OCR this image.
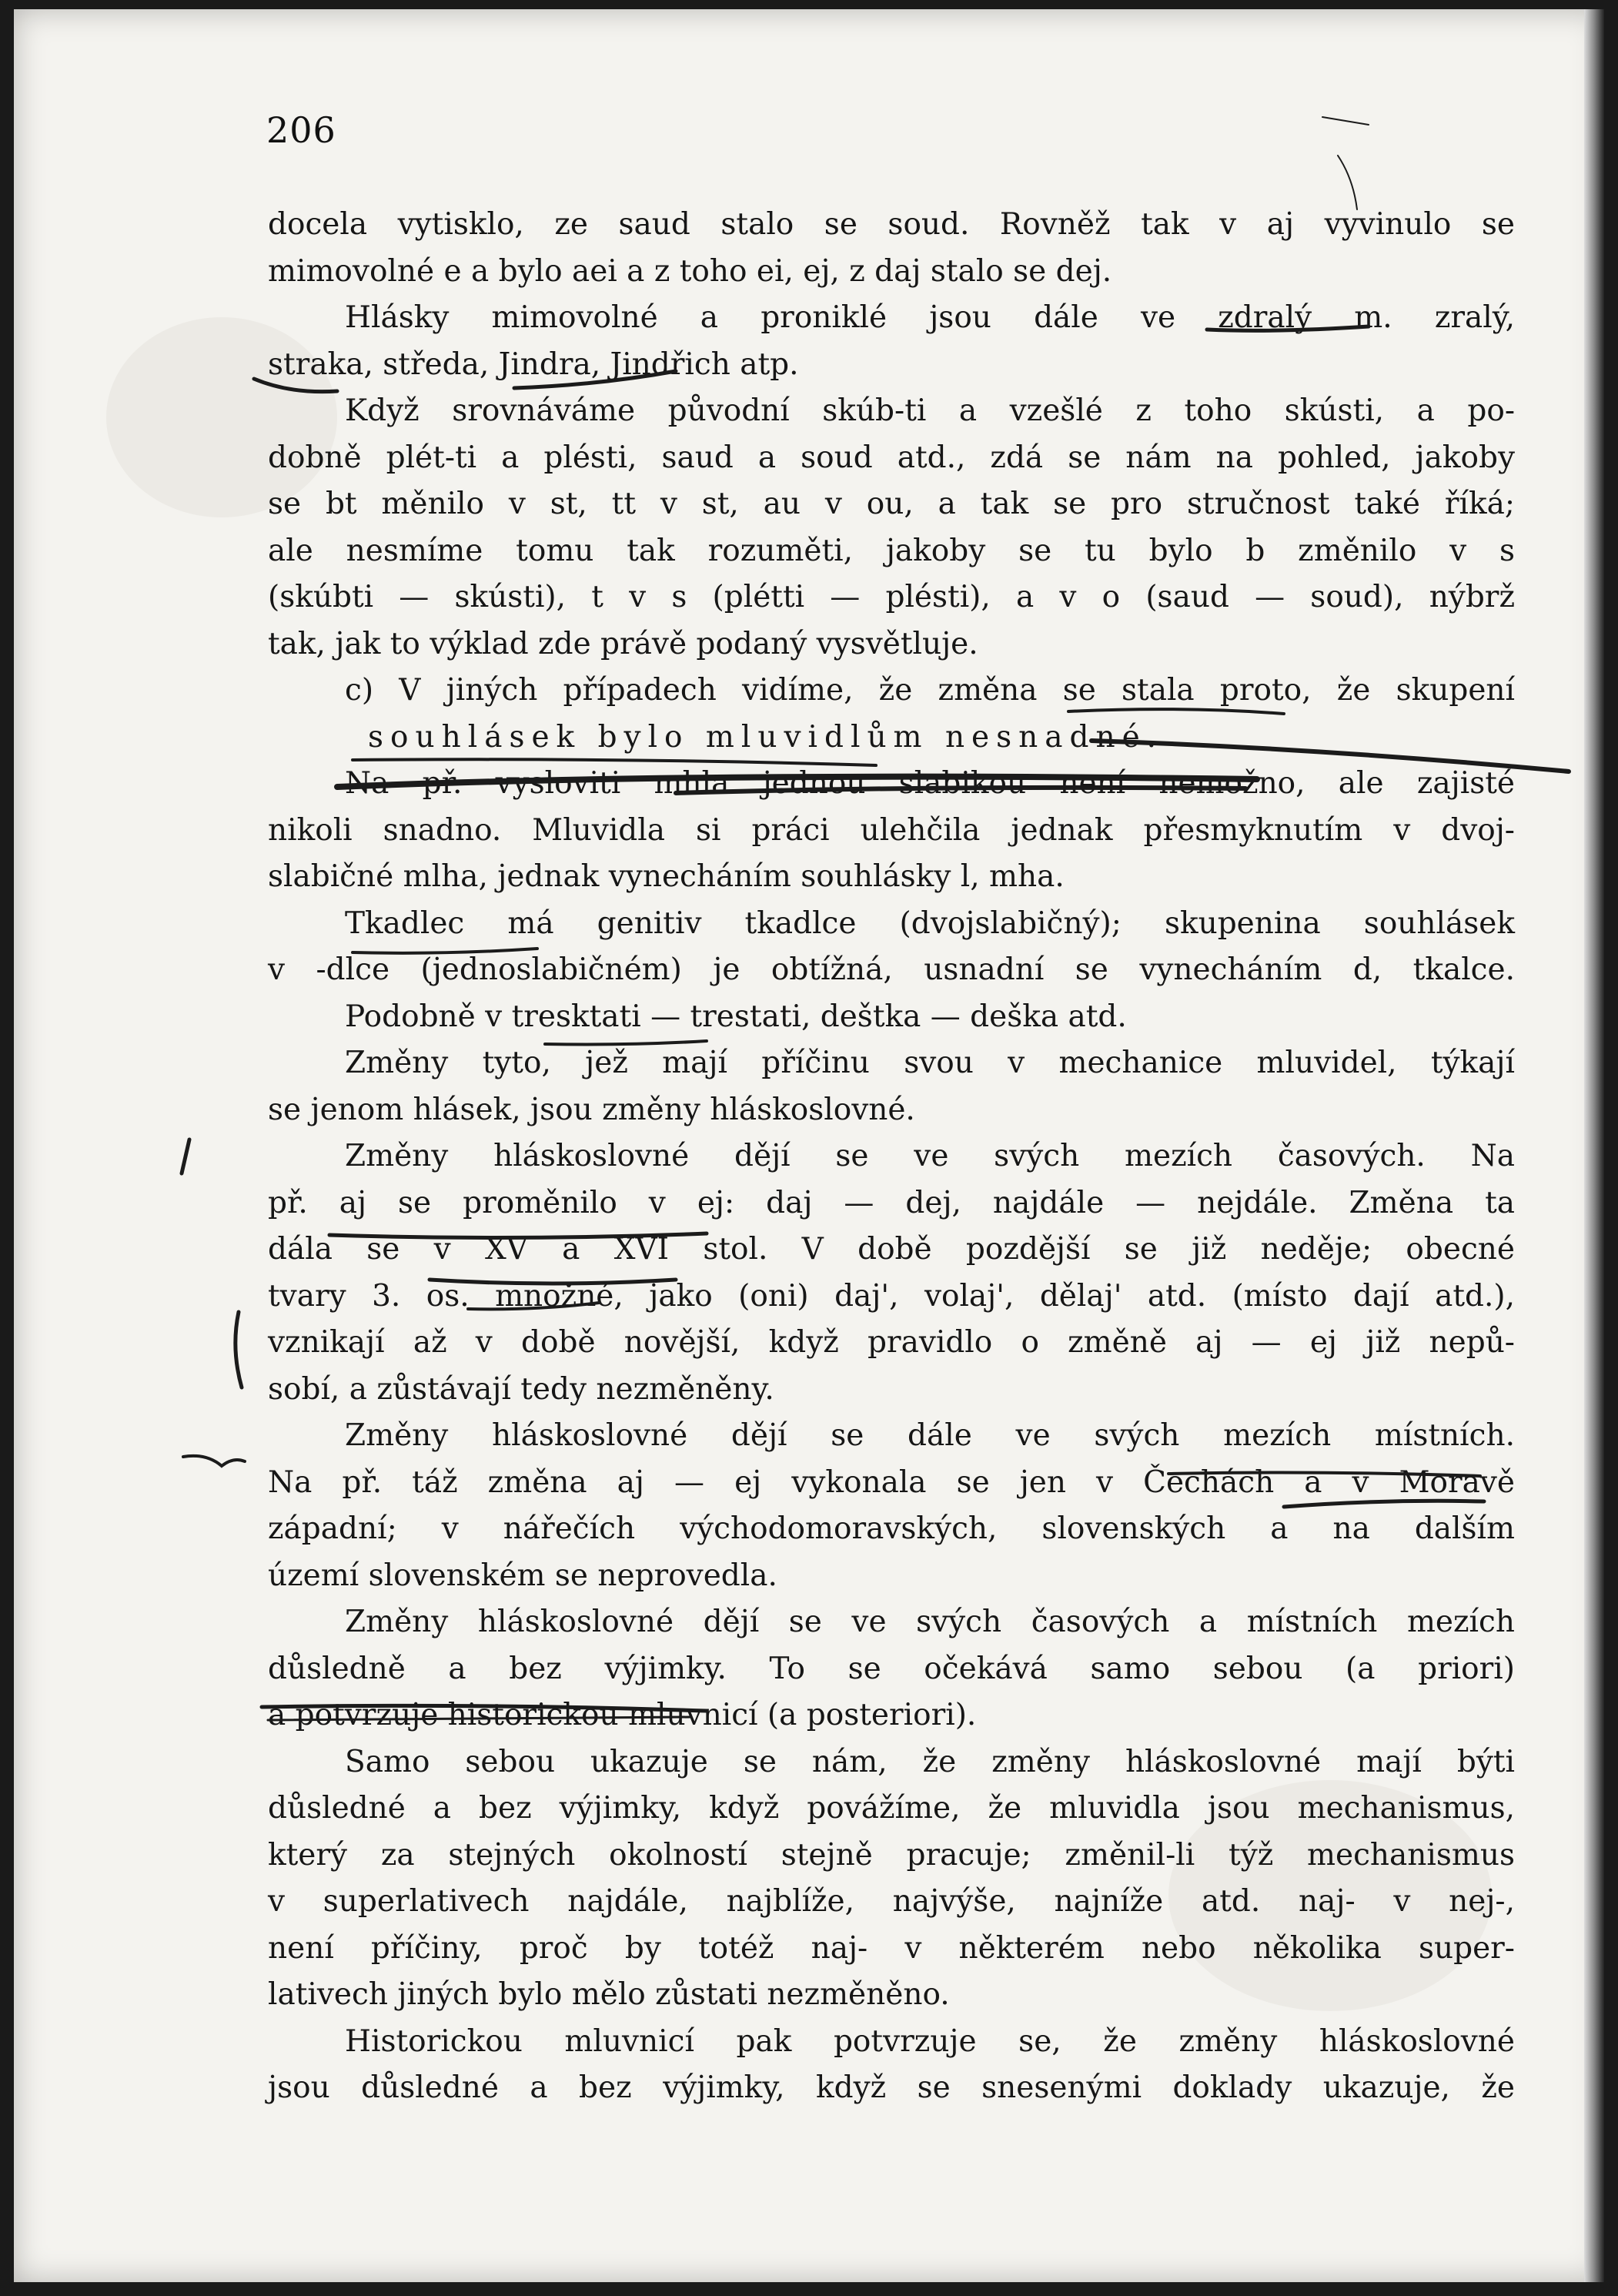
206
docela vytisklo, ze saud stalo se soud. Rovněž tak v aj vyvinulo se
mimovolné e a bylo aei a z toho ei, ej, z daj stalo se dej.
Hlásky mimovolné a proniklé jsou dále ve zdralý m. zralý,
straka, středa, Jindra, Jindřich atp.
Když srovnáváme původní skúb-ti a vzešlé z toho skústi, a po-
dobně plét-ti a plésti, saud a soud atd., zdá se nám na pohled, jakoby
se bt měnilo v st, tt v st, au v ou, a tak se pro stručnost také říká;
ale nesmíme tomu tak rozuměti, jakoby se tu bylo b změnilo v s
(skúbti — skústi), t v s (plétti — plésti), a v o (saud — soud), nýbrž
tak, jak to výklad zde právě podaný vysvětluje.
c) V jiných případech vidíme, že změna se stala proto, že skupení
souhlásek bylo mluvidlům nesnadné.
Na př. vysloviti mhla jednou slabikou není nemožno, ale zajisté
nikoli snadno. Mluvidla si práci ulehčila jednak přesmyknutím v dvoj-
slabičné mlha, jednak vynecháním souhlásky l, mha.
Tkadlec má genitiv tkadlce (dvojslabičný); skupenina souhlásek
v -dlce (jednoslabičném) je obtížná, usnadní se vynecháním d, tkalce.
Podobně v tresktati — trestati, deštka — deška atd.
Změny tyto, jež mají příčinu svou v mechanice mluvidel, týkají
se jenom hlásek, jsou změny hláskoslovné.
Změny hláskoslovné dějí se ve svých mezích časových. Na
př. aj se proměnilo v ej: daj — dej, najdále — nejdále. Změna ta
dála se v XV a XVI stol. V době pozdější se již neděje; obecné
tvary 3. os. množné, jako (oni) daj', volaj', dělaj' atd. (místo dají atd.),
vznikají až v době novější, když pravidlo o změně aj — ej již nepů-
sobí, a zůstávají tedy nezměněny.
Změny hláskoslovné dějí se dále ve svých mezích místních.
Na př. táž změna aj — ej vykonala se jen v Čechách a v Moravě
západní; v nářečích východomoravských, slovenských a na dalším
území slovenském se neprovedla.
Změny hláskoslovné dějí se ve svých časových a místních mezích
důsledně a bez výjimky. To se očekává samo sebou (a priori)
a potvrzuje historickou mluvnicí (a posteriori).
Samo sebou ukazuje se nám, že změny hláskoslovné mají býti
důsledné a bez výjimky, když povážíme, že mluvidla jsou mechanismus,
který za stejných okolností stejně pracuje; změnil-li týž mechanismus
v superlativech najdále, najblíže, najvýše, najníže atd. naj- v nej-,
není příčiny, proč by totéž naj- v některém nebo několika super-
lativech jiných bylo mělo zůstati nezměněno.
Historickou mluvnicí pak potvrzuje se, že změny hláskoslovné
jsou důsledné a bez výjimky, když se snesenými doklady ukazuje, že
